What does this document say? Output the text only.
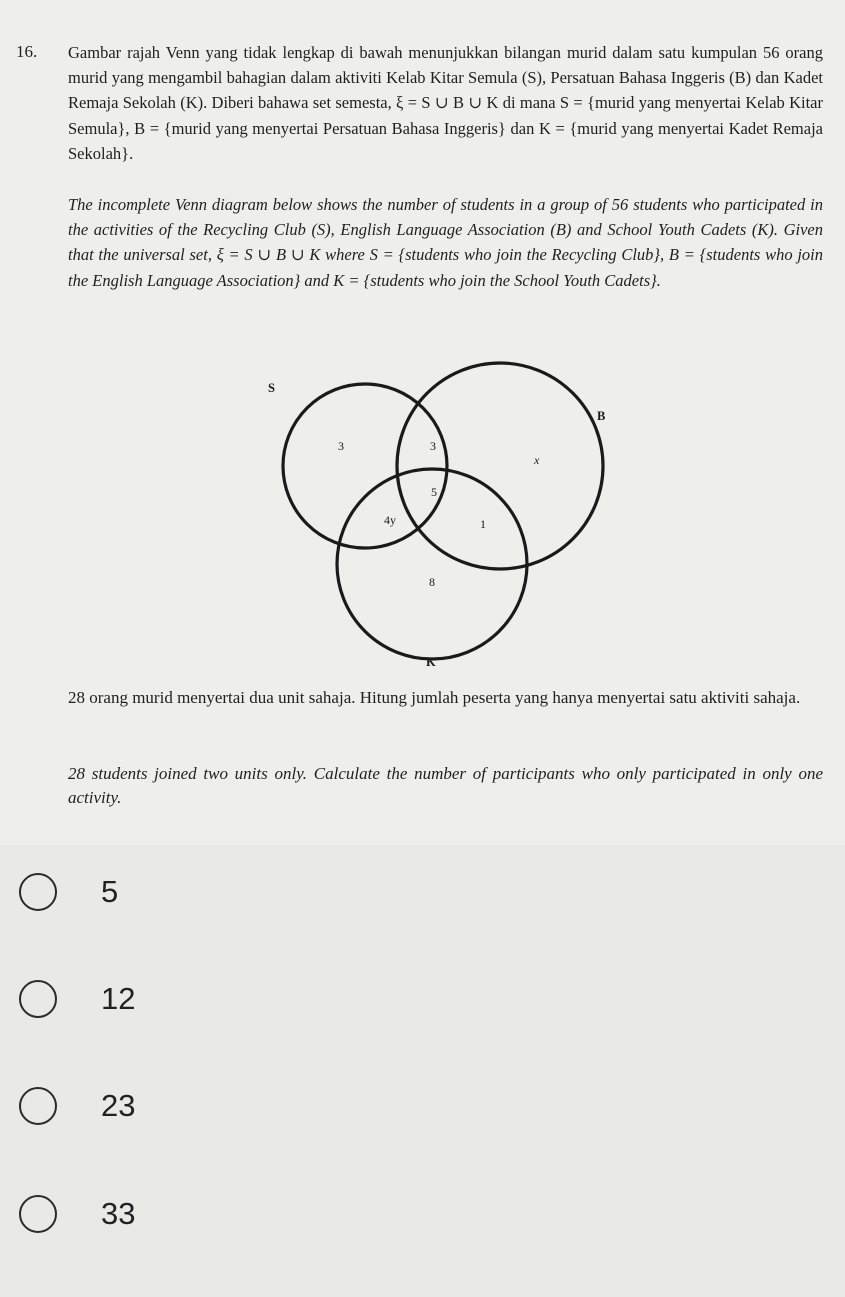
16. Gambar rajah Venn yang tidak lengkap di bawah menunjukkan bilangan murid dalam satu kumpulan 56 orang murid yang mengambil bahagian dalam aktiviti Kelab Kitar Semula (S), Persatuan Bahasa Inggeris (B) dan Kadet Remaja Sekolah (K). Diberi bahawa set semesta, ξ = S ∪ B ∪ K di mana S = {murid yang menyertai Kelab Kitar Semula}, B = {murid yang menyertai Persatuan Bahasa Inggeris} dan K = {murid yang menyertai Kadet Remaja Sekolah}.

The incomplete Venn diagram below shows the number of students in a group of 56 students who participated in the activities of the Recycling Club (S), English Language Association (B) and School Youth Cadets (K). Given that the universal set, ξ = S ∪ B ∪ K where S = {students who join the Recycling Club}, B = {students who join the English Language Association} and K = {students who join the School Youth Cadets}.

S
B
K
3	3
x
5
4y	1
8

28 orang murid menyertai dua unit sahaja. Hitung jumlah peserta yang hanya menyertai satu aktiviti sahaja.

28 students joined two units only. Calculate the number of participants who only participated in only one activity.

5
12
23
33
